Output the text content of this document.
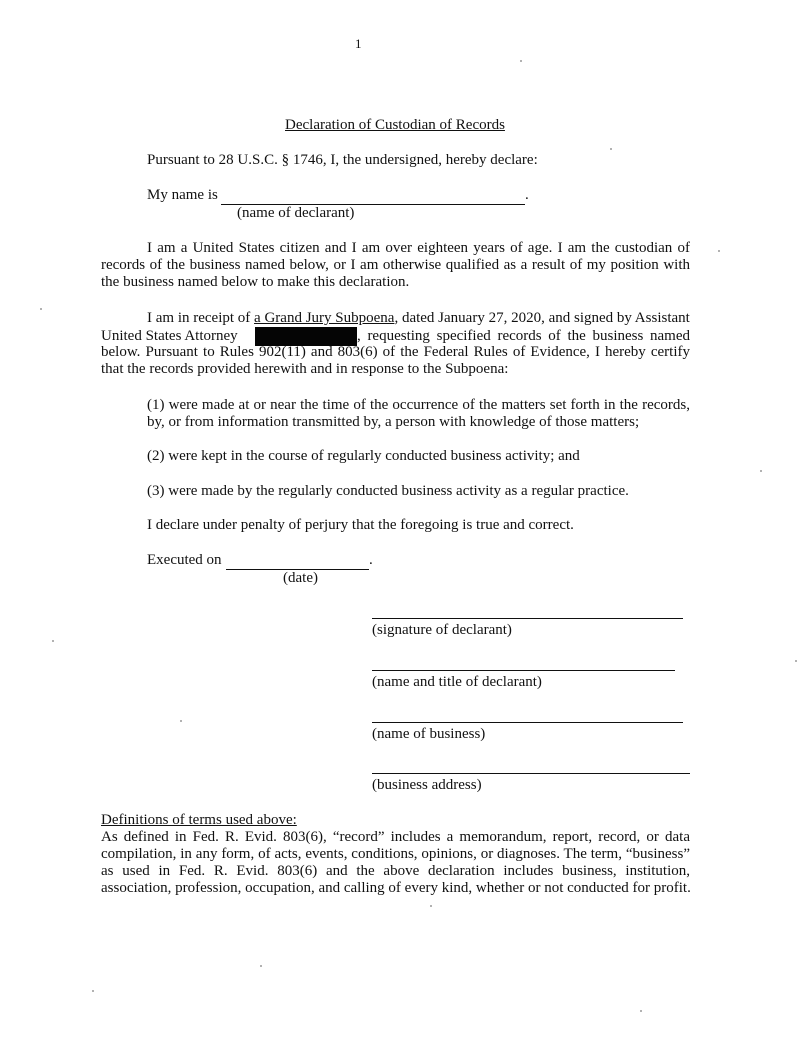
1
Declaration of Custodian of Records
Pursuant to 28 U.S.C. § 1746, I, the undersigned, hereby declare:
My name is	.
(name of declarant)
I am a United States citizen and I am over eighteen years of age. I am the custodian of
records of the business named below, or I am otherwise qualified as a result of my position with
the business named below to make this declaration.
I am in receipt of a Grand Jury Subpoena, dated January 27, 2020, and signed by Assistant
United States Attorney	, requesting specified records of the business named
below. Pursuant to Rules 902(11) and 803(6) of the Federal Rules of Evidence, I hereby certify
that the records provided herewith and in response to the Subpoena:
(1) were made at or near the time of the occurrence of the matters set forth in the records,
by, or from information transmitted by, a person with knowledge of those matters;
(2) were kept in the course of regularly conducted business activity; and
(3) were made by the regularly conducted business activity as a regular practice.
I declare under penalty of perjury that the foregoing is true and correct.
Executed on	.
(date)
(signature of declarant)
(name and title of declarant)
(name of business)
(business address)
Definitions of terms used above:
As defined in Fed. R. Evid. 803(6), “record” includes a memorandum, report, record, or data
compilation, in any form, of acts, events, conditions, opinions, or diagnoses. The term, “business”
as used in Fed. R. Evid. 803(6) and the above declaration includes business, institution,
association, profession, occupation, and calling of every kind, whether or not conducted for profit.
